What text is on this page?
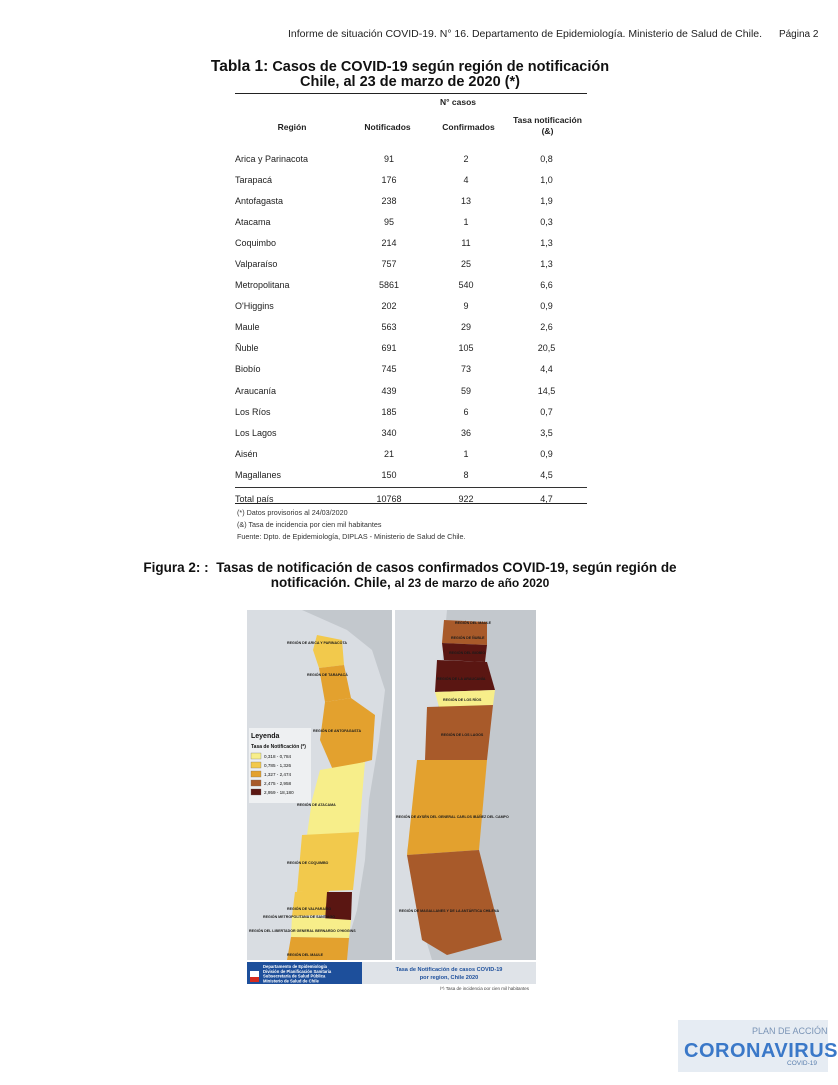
Informe de situación COVID-19. N° 16. Departamento de Epidemiología. Ministerio de Salud de Chile. Página 2
Tabla 1: Casos de COVID-19 según región de notificación
Chile, al 23 de marzo de 2020 (*)
N° casos
Región	Notificados	Confirmados
Tasa notificación
(&)
Arica y Parinacota	91	2	0,8
Tarapacá	176	4	1,0
Antofagasta	238	13	1,9
Atacama	95	1	0,3
Coquimbo	214	11	1,3
Valparaíso	757	25	1,3
Metropolitana	5861	540	6,6
O'Higgins	202	9	0,9
Maule	563	29	2,6
Ñuble	691	105	20,5
Biobío	745	73	4,4
Araucanía	439	59	14,5
Los Ríos	185	6	0,7
Los Lagos	340	36	3,5
Aisén	21	1	0,9
Magallanes	150	8	4,5
Total país	10768	922	4,7
(*) Datos provisorios al 24/03/2020
(&) Tasa de incidencia por cien mil habitantes
Fuente: Dpto. de Epidemiología, DIPLAS - Ministerio de Salud de Chile.
Figura 2: : Tasas de notificación de casos confirmados COVID-19, según región de
notificación. Chile, al 23 de marzo de año 2020
Leyenda
Tasa de Notificación (*)
0,318 - 0,784
0,785 - 1,326
1,327 - 2,474
2,475 - 2,958
2,959 - 18,180
REGIÓN DE ARICA Y PARINACOTA
REGIÓN DE TARAPACÁ
REGIÓN DE ANTOFAGASTA
REGIÓN DE ATACAMA
REGIÓN DE COQUIMBO
REGIÓN DE VALPARAÍSO
REGIÓN METROPOLITANA DE SANTIAGO
REGIÓN DEL LIBERTADOR GENERAL BERNARDO O'HIGGINS
REGIÓN DEL MAULE
REGIÓN DEL MAULE
REGIÓN DE ÑUBLE
REGIÓN DEL BIOBÍO
REGIÓN DE LA ARAUCANÍA
REGIÓN DE LOS RÍOS
REGIÓN DE LOS LAGOS
REGIÓN DE AYSÉN DEL GENERAL CARLOS IBÁÑEZ DEL CAMPO
REGIÓN DE MAGALLANES Y DE LA ANTÁRTICA CHILENA
Departamento de Epidemiología
División de Planificación Sanitaria
Subsecretaría de Salud Pública
Ministerio de Salud de Chile
Tasa de Notificación de casos COVID-19
por region, Chile 2020
(*) Tasa de incidencia por cien mil habitantes
PLAN DE ACCIÓN
CORONAVIRUS
COVID-19
